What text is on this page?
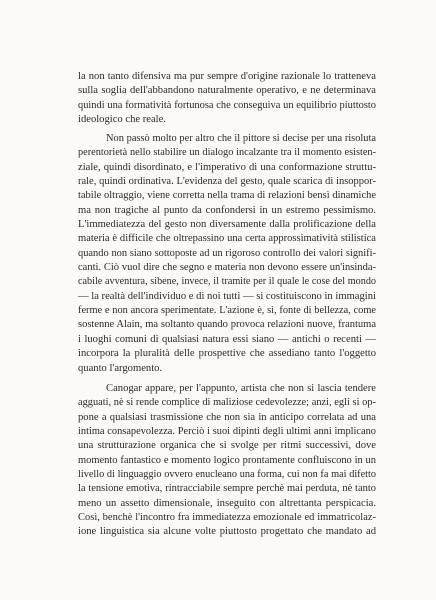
la non tanto difensiva ma pur sempre d'origine razionale lo tratteneva
sulla soglia dell'abbandono naturalmente operativo, e ne determinava
quindi una formatività fortunosa che conseguiva un equilibrio piuttosto
ideologico che reale.
Non passò molto per altro che il pittore si decise per una risoluta
perentorietà nello stabilire un dialogo incalzante tra il momento esisten-
ziale, quindi disordinato, e l'imperativo di una conformazione struttu-
rale, quindi ordinativa. L'evidenza del gesto, quale scarica di insoppor-
tabile oltraggio, viene corretta nella trama di relazioni bensì dinamiche
ma non tragiche al punto da confondersi in un estremo pessimismo.
L'immediatezza del gesto non diversamente dalla prolificazione della
materia è difficile che oltrepassino una certa approssimatività stilistica
quando non siano sottoposte ad un rigoroso controllo dei valori signifi-
canti. Ciò vuol dire che segno e materia non devono essere un'insinda-
cabile avventura, sibene, invece, il tramite per il quale le cose del mondo
— la realtà dell'individuo e di noi tutti — si costituiscono in immagini
ferme e non ancora sperimentate. L'azione è, sì, fonte di bellezza, come
sostenne Alain, ma soltanto quando provoca relazioni nuove, frantuma
i luoghi comuni di qualsiasi natura essi siano — antichi o recenti —
incorpora la pluralità delle prospettive che assediano tanto l'oggetto
quanto l'argomento.
Canogar appare, per l'appunto, artista che non si lascia tendere
agguati, nè si rende complice di maliziose cedevolezze; anzi, egli si op-
pone a qualsiasi trasmissione che non sia in anticipo correlata ad una
intima consapevolezza. Perciò i suoi dipinti degli ultimi anni implicano
una strutturazione organica che si svolge per ritmi successivi, dove
momento fantastico e momento logico prontamente confluiscono in un
livello di linguaggio ovvero enucleano una forma, cui non fa mai difetto
la tensione emotiva, rintracciabile sempre perchè mai perduta, nè tanto
meno un assetto dimensionale, inseguito con altrettanta perspicacia.
Così, benchè l'incontro fra immediatezza emozionale ed immatricolaz-
ione linguistica sia alcune volte piuttosto progettato che mandato ad
